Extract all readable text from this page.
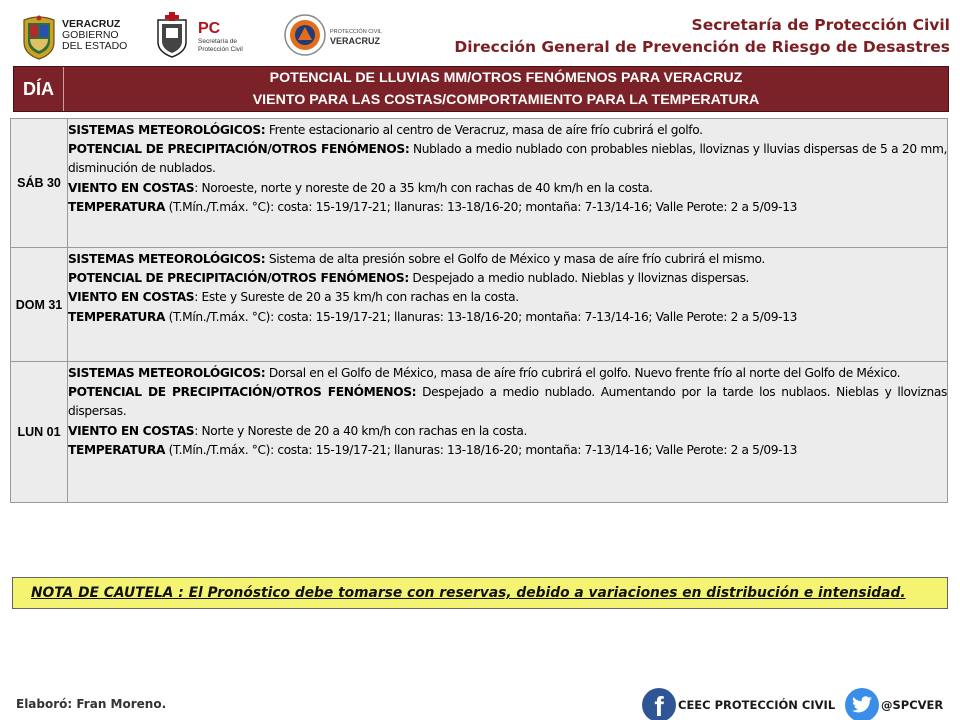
VERACRUZ
GOBIERNO
DEL ESTADO
PC
Secretaría de
Protección Civil
PROTECCIÓN CIVIL
VERACRUZ
Secretaría de Protección Civil
Dirección General de Prevención de Riesgo de Desastres
DÍA
POTENCIAL DE LLUVIAS MM/OTROS FENÓMENOS PARA VERACRUZ
VIENTO PARA LAS COSTAS/COMPORTAMIENTO PARA LA TEMPERATURA
SÁB 30

SISTEMAS METEOROLÓGICOS: Frente estacionario al centro de Veracruz, masa de aíre frío cubrirá el golfo.

POTENCIAL DE PRECIPITACIÓN/OTROS FENÓMENOS: Nublado a medio nublado con probables nieblas, lloviznas y lluvias dispersas de 5 a 20 mm, disminución de nublados.

VIENTO EN COSTAS: Noroeste, norte y noreste de 20 a 35 km/h con rachas de 40 km/h en la costa.

TEMPERATURA (T.Mín./T.máx. °C): costa: 15-19/17-21; llanuras: 13-18/16-20; montaña: 7-13/14-16; Valle Perote: 2 a 5/09-13

DOM 31

SISTEMAS METEOROLÓGICOS: Sistema de alta presión sobre el Golfo de México y masa de aíre frío cubrirá el mismo.

POTENCIAL DE PRECIPITACIÓN/OTROS FENÓMENOS: Despejado a medio nublado. Nieblas y lloviznas dispersas.

VIENTO EN COSTAS: Este y Sureste de 20 a 35 km/h con rachas en la costa.

TEMPERATURA (T.Mín./T.máx. °C): costa: 15-19/17-21; llanuras: 13-18/16-20; montaña: 7-13/14-16; Valle Perote: 2 a 5/09-13

LUN 01

SISTEMAS METEOROLÓGICOS: Dorsal en el Golfo de México, masa de aíre frío cubrirá el golfo. Nuevo frente frío al norte del Golfo de México.

POTENCIAL DE PRECIPITACIÓN/OTROS FENÓMENOS: Despejado a medio nublado. Aumentando por la tarde los nublaos. Nieblas y lloviznas dispersas.

VIENTO EN COSTAS: Norte y Noreste de 20 a 40 km/h con rachas en la costa.

TEMPERATURA (T.Mín./T.máx. °C): costa: 15-19/17-21; llanuras: 13-18/16-20; montaña: 7-13/14-16; Valle Perote: 2 a 5/09-13

NOTA DE CAUTELA : El Pronóstico debe tomarse con reservas, debido a variaciones en distribución e intensidad.
Elaboró: Fran Moreno.	f	CEEC PROTECCIÓN CIVIL	@SPCVER
